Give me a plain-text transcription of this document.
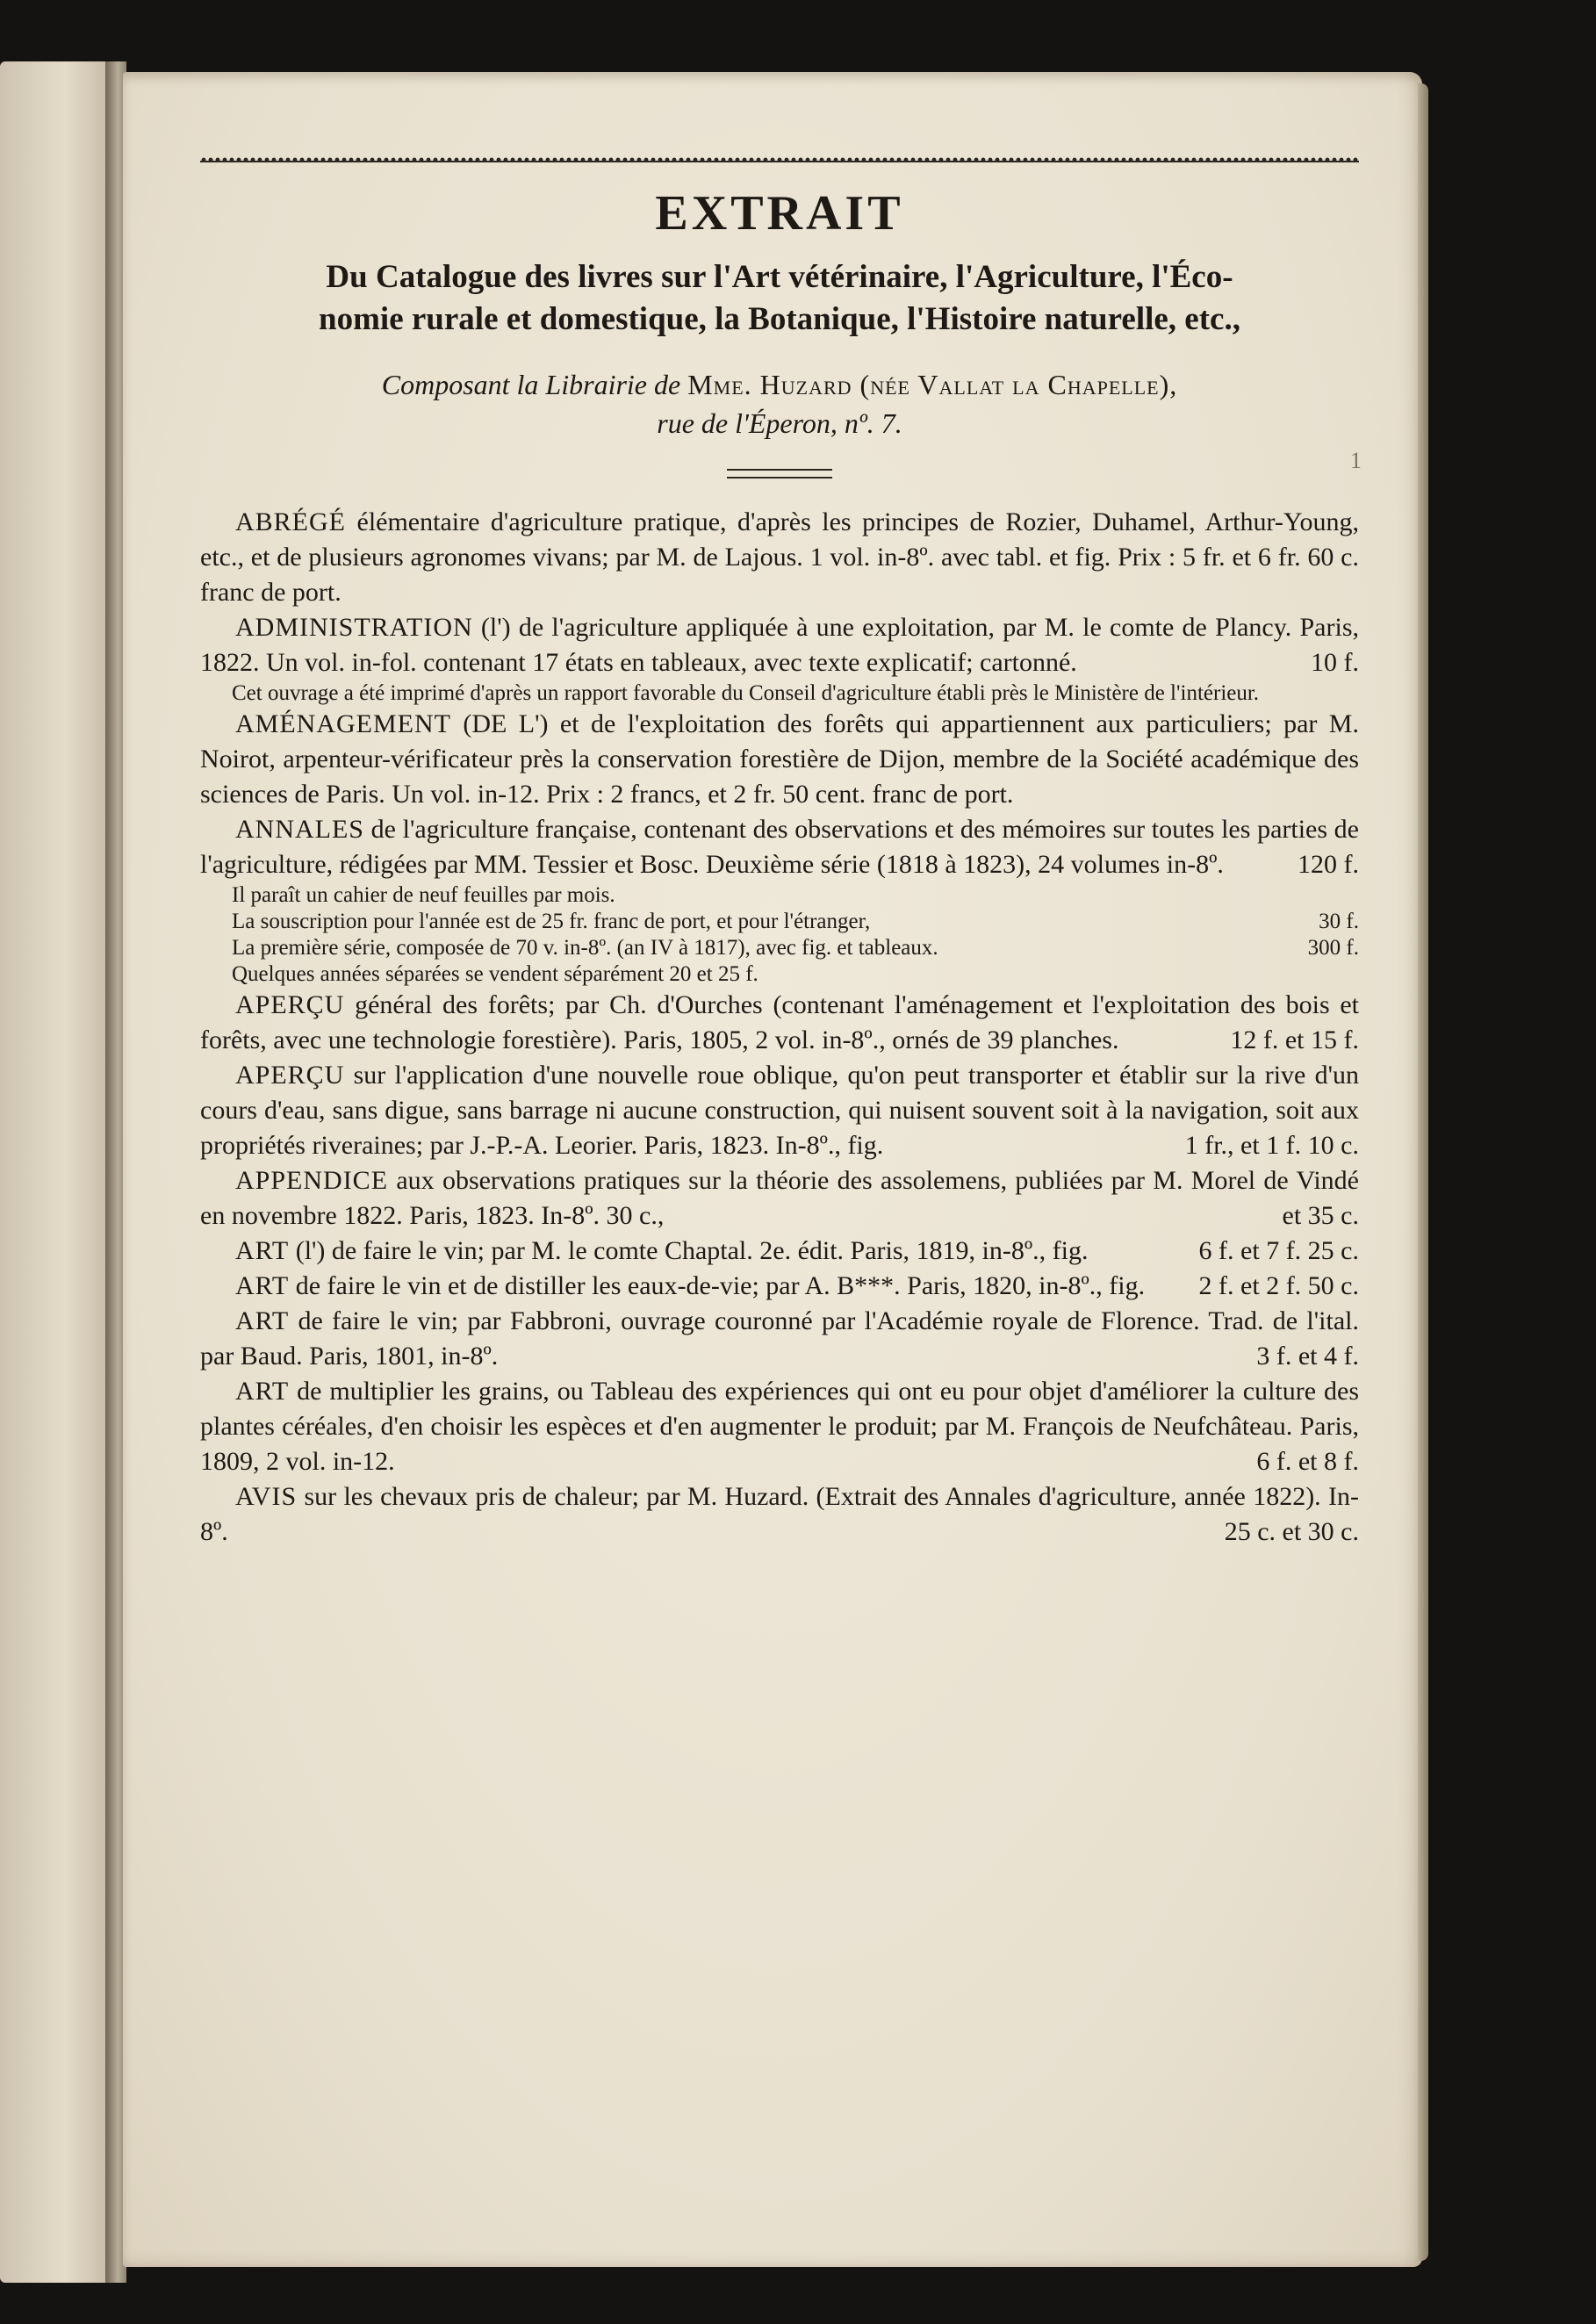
1
EXTRAIT
Du Catalogue des livres sur l'Art vétérinaire, l'Agriculture, l'Éco-
nomie rurale et domestique, la Botanique, l'Histoire naturelle, etc.,
Composant la Librairie de Mme. Huzard (née Vallat la Chapelle),
rue de l'Éperon, nº. 7.
ABRÉGÉ élémentaire d'agriculture pratique, d'après les principes de Rozier, Duhamel, Arthur-Young, etc., et de plusieurs agronomes vivans; par M. de Lajous. 1 vol. in-8º. avec tabl. et fig. Prix : 5 fr. et 6 fr. 60 c. franc de port.
ADMINISTRATION (l') de l'agriculture appliquée à une exploitation, par M. le comte de Plancy. Paris, 1822. Un vol. in-fol. contenant 17 états en tableaux, avec texte explicatif; cartonné.	10 f.
Cet ouvrage a été imprimé d'après un rapport favorable du Conseil d'agriculture établi près le Ministère de l'intérieur.
AMÉNAGEMENT (DE L') et de l'exploitation des forêts qui appartiennent aux particuliers; par M. Noirot, arpenteur-vérificateur près la conservation forestière de Dijon, membre de la Société académique des sciences de Paris. Un vol. in-12. Prix : 2 francs, et 2 fr. 50 cent. franc de port.
ANNALES de l'agriculture française, contenant des observations et des mémoires sur toutes les parties de l'agriculture, rédigées par MM. Tessier et Bosc. Deuxième série (1818 à 1823), 24 volumes in-8º.	120 f.
Il paraît un cahier de neuf feuilles par mois.
La souscription pour l'année est de 25 fr. franc de port, et pour l'étranger,	30 f.
La première série, composée de 70 v. in-8º. (an IV à 1817), avec fig. et tableaux.	300 f.
Quelques années séparées se vendent séparément 20 et 25 f.
APERÇU général des forêts; par Ch. d'Ourches (contenant l'aménagement et l'exploitation des bois et forêts, avec une technologie forestière). Paris, 1805, 2 vol. in-8º., ornés de 39 planches.	12 f. et 15 f.
APERÇU sur l'application d'une nouvelle roue oblique, qu'on peut transporter et établir sur la rive d'un cours d'eau, sans digue, sans barrage ni aucune construction, qui nuisent souvent soit à la navigation, soit aux propriétés riveraines; par J.-P.-A. Leorier. Paris, 1823. In-8º., fig.	1 fr., et 1 f. 10 c.
APPENDICE aux observations pratiques sur la théorie des assolemens, publiées par M. Morel de Vindé en novembre 1822. Paris, 1823. In-8º. 30 c.,	et 35 c.
ART (l') de faire le vin; par M. le comte Chaptal. 2e. édit. Paris, 1819, in-8º., fig.	6 f. et 7 f. 25 c.
ART de faire le vin et de distiller les eaux-de-vie; par A. B***. Paris, 1820, in-8º., fig.	2 f. et 2 f. 50 c.
ART de faire le vin; par Fabbroni, ouvrage couronné par l'Académie royale de Florence. Trad. de l'ital. par Baud. Paris, 1801, in-8º.	3 f. et 4 f.
ART de multiplier les grains, ou Tableau des expériences qui ont eu pour objet d'améliorer la culture des plantes céréales, d'en choisir les espèces et d'en augmenter le produit; par M. François de Neufchâteau. Paris, 1809, 2 vol. in-12.	6 f. et 8 f.
AVIS sur les chevaux pris de chaleur; par M. Huzard. (Extrait des Annales d'agriculture, année 1822). In-8º.	25 c. et 30 c.
